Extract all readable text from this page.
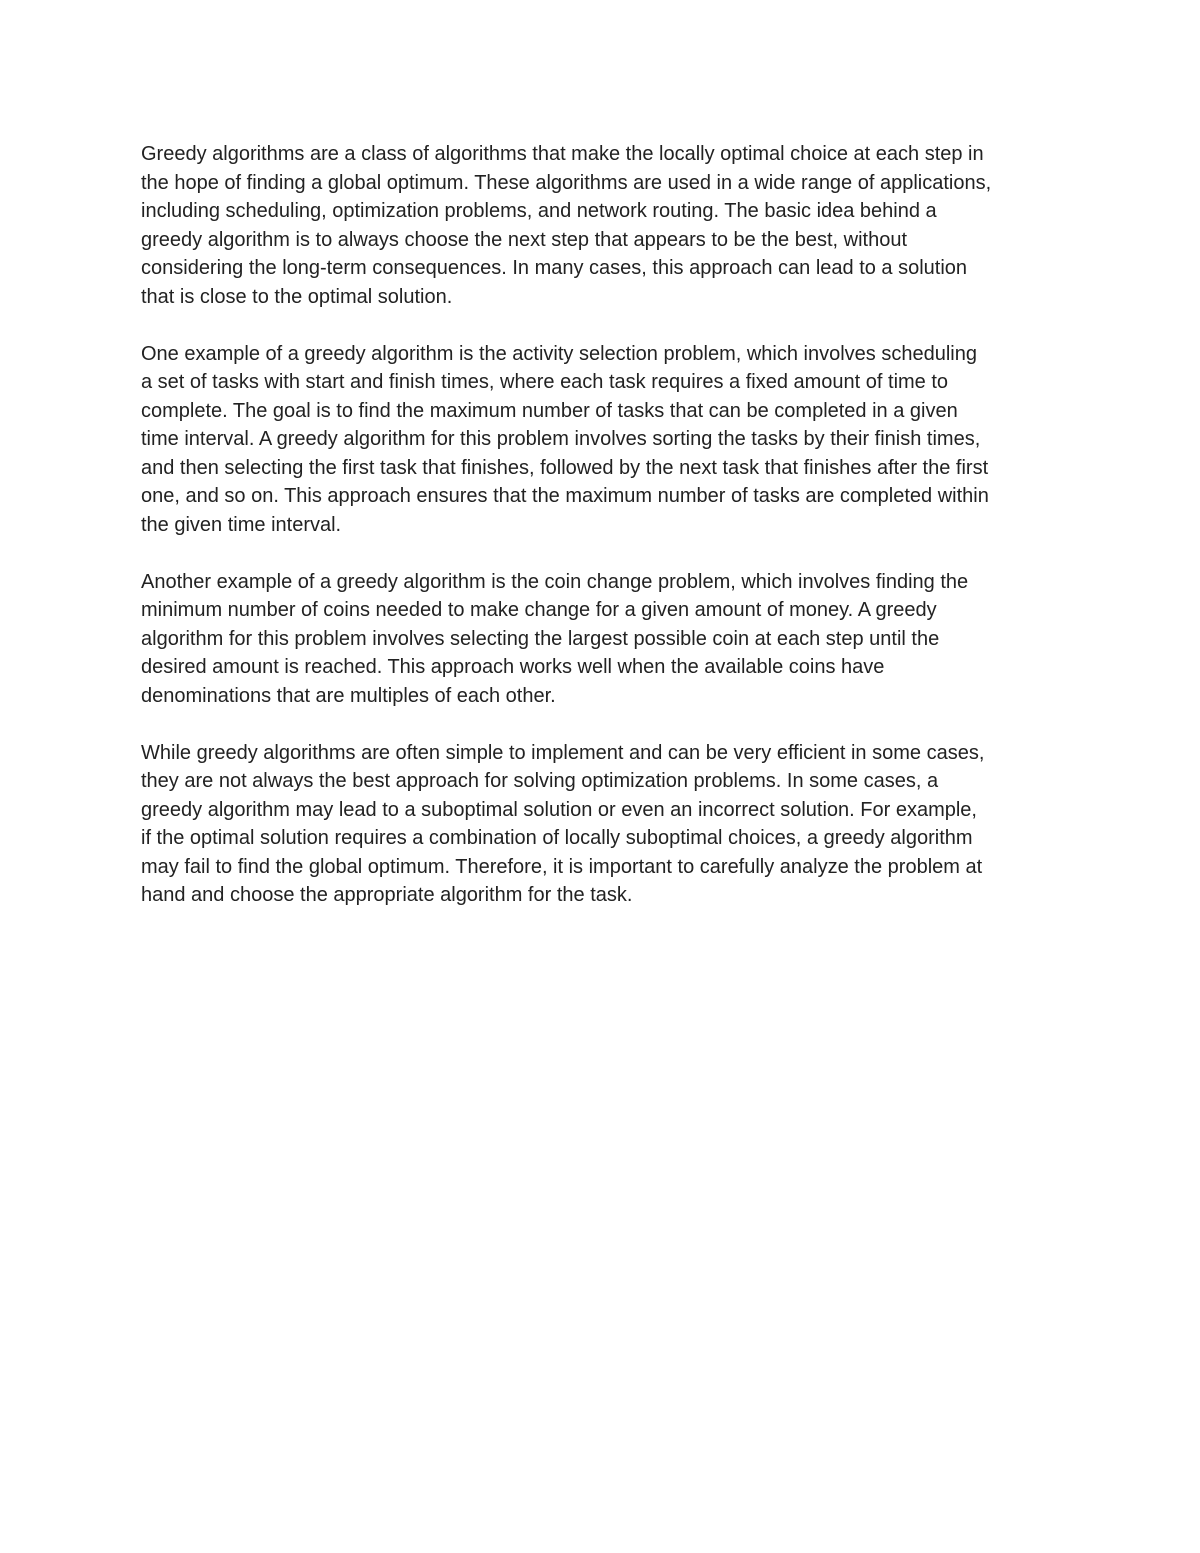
Greedy algorithms are a class of algorithms that make the locally optimal choice at each step in
the hope of finding a global optimum. These algorithms are used in a wide range of applications,
including scheduling, optimization problems, and network routing. The basic idea behind a
greedy algorithm is to always choose the next step that appears to be the best, without
considering the long-term consequences. In many cases, this approach can lead to a solution
that is close to the optimal solution.

One example of a greedy algorithm is the activity selection problem, which involves scheduling
a set of tasks with start and finish times, where each task requires a fixed amount of time to
complete. The goal is to find the maximum number of tasks that can be completed in a given
time interval. A greedy algorithm for this problem involves sorting the tasks by their finish times,
and then selecting the first task that finishes, followed by the next task that finishes after the first
one, and so on. This approach ensures that the maximum number of tasks are completed within
the given time interval.

Another example of a greedy algorithm is the coin change problem, which involves finding the
minimum number of coins needed to make change for a given amount of money. A greedy
algorithm for this problem involves selecting the largest possible coin at each step until the
desired amount is reached. This approach works well when the available coins have
denominations that are multiples of each other.

While greedy algorithms are often simple to implement and can be very efficient in some cases,
they are not always the best approach for solving optimization problems. In some cases, a
greedy algorithm may lead to a suboptimal solution or even an incorrect solution. For example,
if the optimal solution requires a combination of locally suboptimal choices, a greedy algorithm
may fail to find the global optimum. Therefore, it is important to carefully analyze the problem at
hand and choose the appropriate algorithm for the task.
